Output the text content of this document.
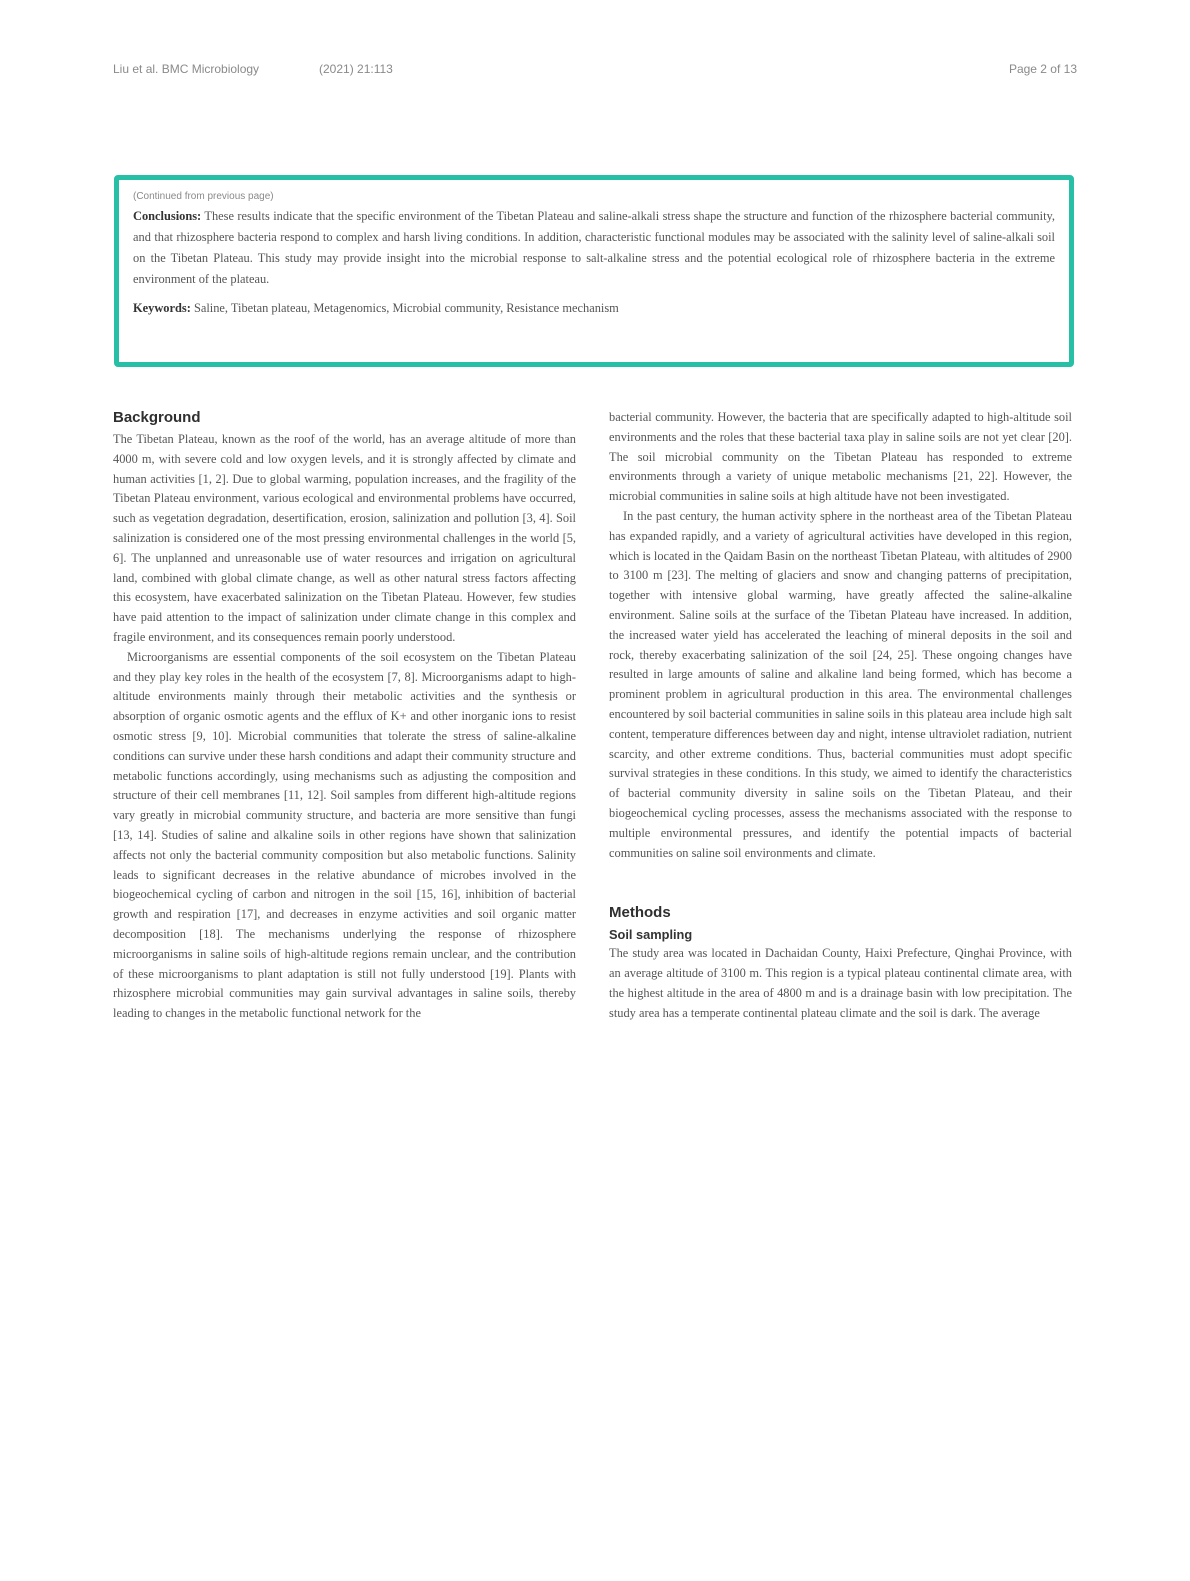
Liu et al. BMC Microbiology	(2021) 21:113	Page 2 of 13
(Continued from previous page)

Conclusions: These results indicate that the specific environment of the Tibetan Plateau and saline-alkali stress shape the structure and function of the rhizosphere bacterial community, and that rhizosphere bacteria respond to complex and harsh living conditions. In addition, characteristic functional modules may be associated with the salinity level of saline-alkali soil on the Tibetan Plateau. This study may provide insight into the microbial response to salt-alkaline stress and the potential ecological role of rhizosphere bacteria in the extreme environment of the plateau.

Keywords: Saline, Tibetan plateau, Metagenomics, Microbial community, Resistance mechanism

Background

The Tibetan Plateau, known as the roof of the world, has an average altitude of more than 4000 m, with severe cold and low oxygen levels, and it is strongly affected by climate and human activities [1, 2]. Due to global warming, population increases, and the fragility of the Tibetan Plateau environment, various ecological and environmental problems have occurred, such as vegetation degradation, desertification, erosion, salinization and pollution [3, 4]. Soil salinization is considered one of the most pressing environmental challenges in the world [5, 6]. The unplanned and unreasonable use of water resources and irrigation on agricultural land, combined with global climate change, as well as other natural stress factors affecting this ecosystem, have exacerbated salinization on the Tibetan Plateau. However, few studies have paid attention to the impact of salinization under climate change in this complex and fragile environment, and its consequences remain poorly understood.

Microorganisms are essential components of the soil ecosystem on the Tibetan Plateau and they play key roles in the health of the ecosystem [7, 8]. Microorganisms adapt to high-altitude environments mainly through their metabolic activities and the synthesis or absorption of organic osmotic agents and the efflux of K+ and other inorganic ions to resist osmotic stress [9, 10]. Microbial communities that tolerate the stress of saline-alkaline conditions can survive under these harsh conditions and adapt their community structure and metabolic functions accordingly, using mechanisms such as adjusting the composition and structure of their cell membranes [11, 12]. Soil samples from different high-altitude regions vary greatly in microbial community structure, and bacteria are more sensitive than fungi [13, 14]. Studies of saline and alkaline soils in other regions have shown that salinization affects not only the bacterial community composition but also metabolic functions. Salinity leads to significant decreases in the relative abundance of microbes involved in the biogeochemical cycling of carbon and nitrogen in the soil [15, 16], inhibition of bacterial growth and respiration [17], and decreases in enzyme activities and soil organic matter decomposition [18]. The mechanisms underlying the response of rhizosphere microorganisms in saline soils of high-altitude regions remain unclear, and the contribution of these microorganisms to plant adaptation is still not fully understood [19]. Plants with rhizosphere microbial communities may gain survival advantages in saline soils, thereby leading to changes in the metabolic functional network for the

bacterial community. However, the bacteria that are specifically adapted to high-altitude soil environments and the roles that these bacterial taxa play in saline soils are not yet clear [20]. The soil microbial community on the Tibetan Plateau has responded to extreme environments through a variety of unique metabolic mechanisms [21, 22]. However, the microbial communities in saline soils at high altitude have not been investigated.

In the past century, the human activity sphere in the northeast area of the Tibetan Plateau has expanded rapidly, and a variety of agricultural activities have developed in this region, which is located in the Qaidam Basin on the northeast Tibetan Plateau, with altitudes of 2900 to 3100 m [23]. The melting of glaciers and snow and changing patterns of precipitation, together with intensive global warming, have greatly affected the saline-alkaline environment. Saline soils at the surface of the Tibetan Plateau have increased. In addition, the increased water yield has accelerated the leaching of mineral deposits in the soil and rock, thereby exacerbating salinization of the soil [24, 25]. These ongoing changes have resulted in large amounts of saline and alkaline land being formed, which has become a prominent problem in agricultural production in this area. The environmental challenges encountered by soil bacterial communities in saline soils in this plateau area include high salt content, temperature differences between day and night, intense ultraviolet radiation, nutrient scarcity, and other extreme conditions. Thus, bacterial communities must adopt specific survival strategies in these conditions. In this study, we aimed to identify the characteristics of bacterial community diversity in saline soils on the Tibetan Plateau, and their biogeochemical cycling processes, assess the mechanisms associated with the response to multiple environmental pressures, and identify the potential impacts of bacterial communities on saline soil environments and climate.

Methods
Soil sampling

The study area was located in Dachaidan County, Haixi Prefecture, Qinghai Province, with an average altitude of 3100 m. This region is a typical plateau continental climate area, with the highest altitude in the area of 4800 m and is a drainage basin with low precipitation. The study area has a temperate continental plateau climate and the soil is dark. The average
